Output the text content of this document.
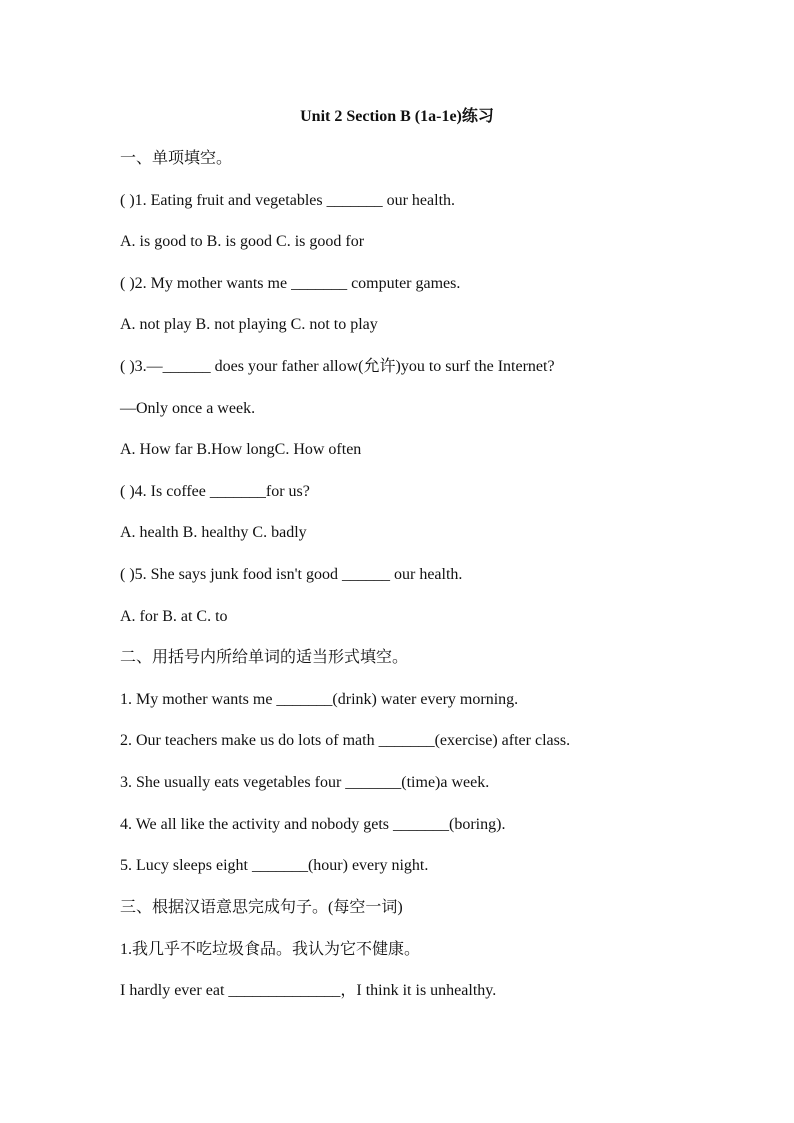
Unit 2 Section B (1a-1e)练习
一、单项填空。
( )1. Eating fruit and vegetables _______ our health.
A. is good to B. is good C. is good for
( )2. My mother wants me _______ computer games.
A. not play B. not playing C. not to play
( )3.—______ does your father allow(允许)you to surf the Internet?
—Only once a week.
A. How far B.How longC. How often
( )4. Is coffee _______for us?
A. health B. healthy C. badly
( )5. She says junk food isn't good ______ our health.
A. for B. at C. to
二、用括号内所给单词的适当形式填空。
1. My mother wants me _______(drink) water every morning.
2. Our teachers make us do lots of math _______(exercise) after class.
3. She usually eats vegetables four _______(time)a week.
4. We all like the activity and nobody gets _______(boring).
5. Lucy sleeps eight _______(hour) every night.
三、根据汉语意思完成句子。(每空一词)
1.我几乎不吃垃圾食品。我认为它不健康。
I hardly ever eat ______________，I think it is unhealthy.
